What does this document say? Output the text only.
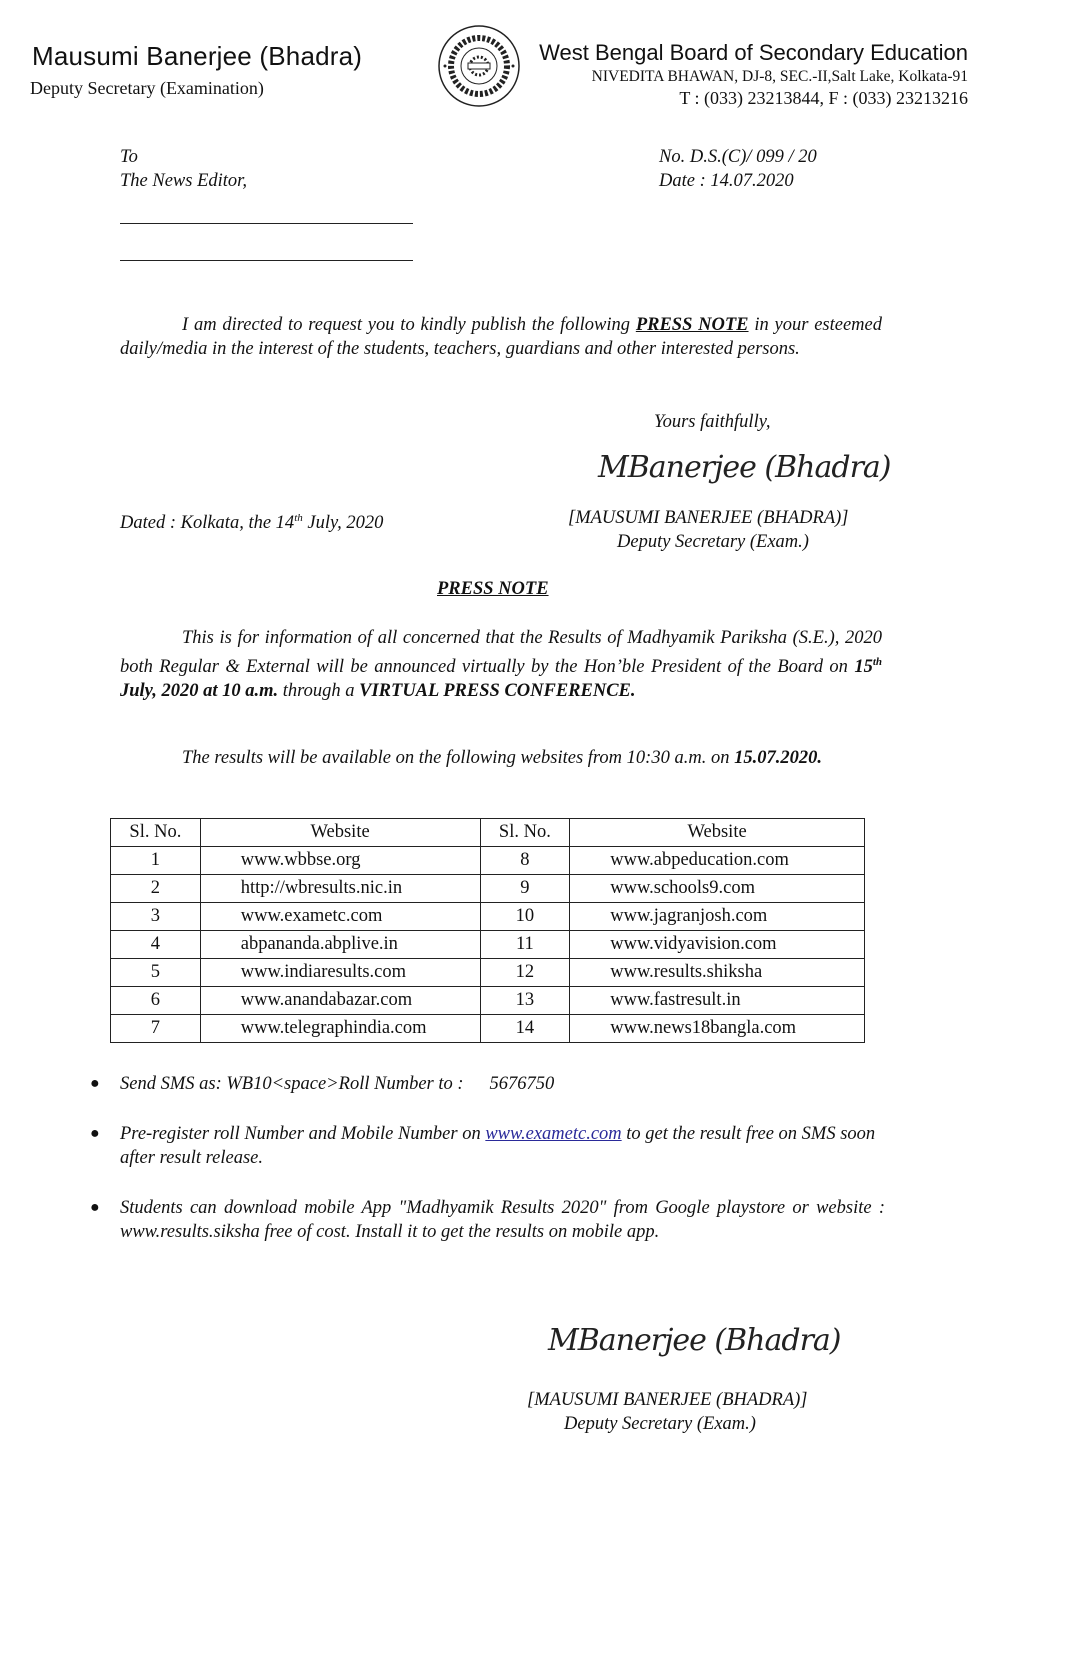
Mausumi Banerjee (Bhadra)
Deputy Secretary (Examination)
West Bengal Board of Secondary Education
NIVEDITA BHAWAN, DJ-8, SEC.-II,Salt Lake, Kolkata-91
T : (033) 23213844, F : (033) 23213216
To
The News Editor,
No. D.S.(C)/ 099 / 20
Date : 14.07.2020
I am directed to request you to kindly publish the following PRESS NOTE in your esteemed daily/media in the interest of the students, teachers, guardians and other interested persons.
Yours faithfully,
MBanerjee (Bhadra)
Dated : Kolkata, the 14th July, 2020	[MAUSUMI BANERJEE (BHADRA)]
Deputy Secretary (Exam.)
PRESS NOTE
This is for information of all concerned that the Results of Madhyamik Pariksha (S.E.), 2020 both Regular & External will be announced virtually by the Hon’ble President of the Board on 15th July, 2020 at 10 a.m. through a VIRTUAL PRESS CONFERENCE.
The results will be available on the following websites from 10:30 a.m. on 15.07.2020.
Sl. No.	Website	Sl. No.	Website
1	www.wbbse.org	8	www.abpeducation.com
2	http://wbresults.nic.in	9	www.schools9.com
3	www.exametc.com	10	www.jagranjosh.com
4	abpananda.abplive.in	11	www.vidyavision.com
5	www.indiaresults.com	12	www.results.shiksha
6	www.anandabazar.com	13	www.fastresult.in
7	www.telegraphindia.com	14	www.news18bangla.com
● Send SMS as: WB10<space>Roll Number to : 5676750
● Pre-register roll Number and Mobile Number on www.exametc.com to get the result free on SMS soon after result release.
● Students can download mobile App "Madhyamik Results 2020" from Google playstore or website : www.results.siksha free of cost. Install it to get the results on mobile app.
MBanerjee (Bhadra)
[MAUSUMI BANERJEE (BHADRA)]
Deputy Secretary (Exam.)
